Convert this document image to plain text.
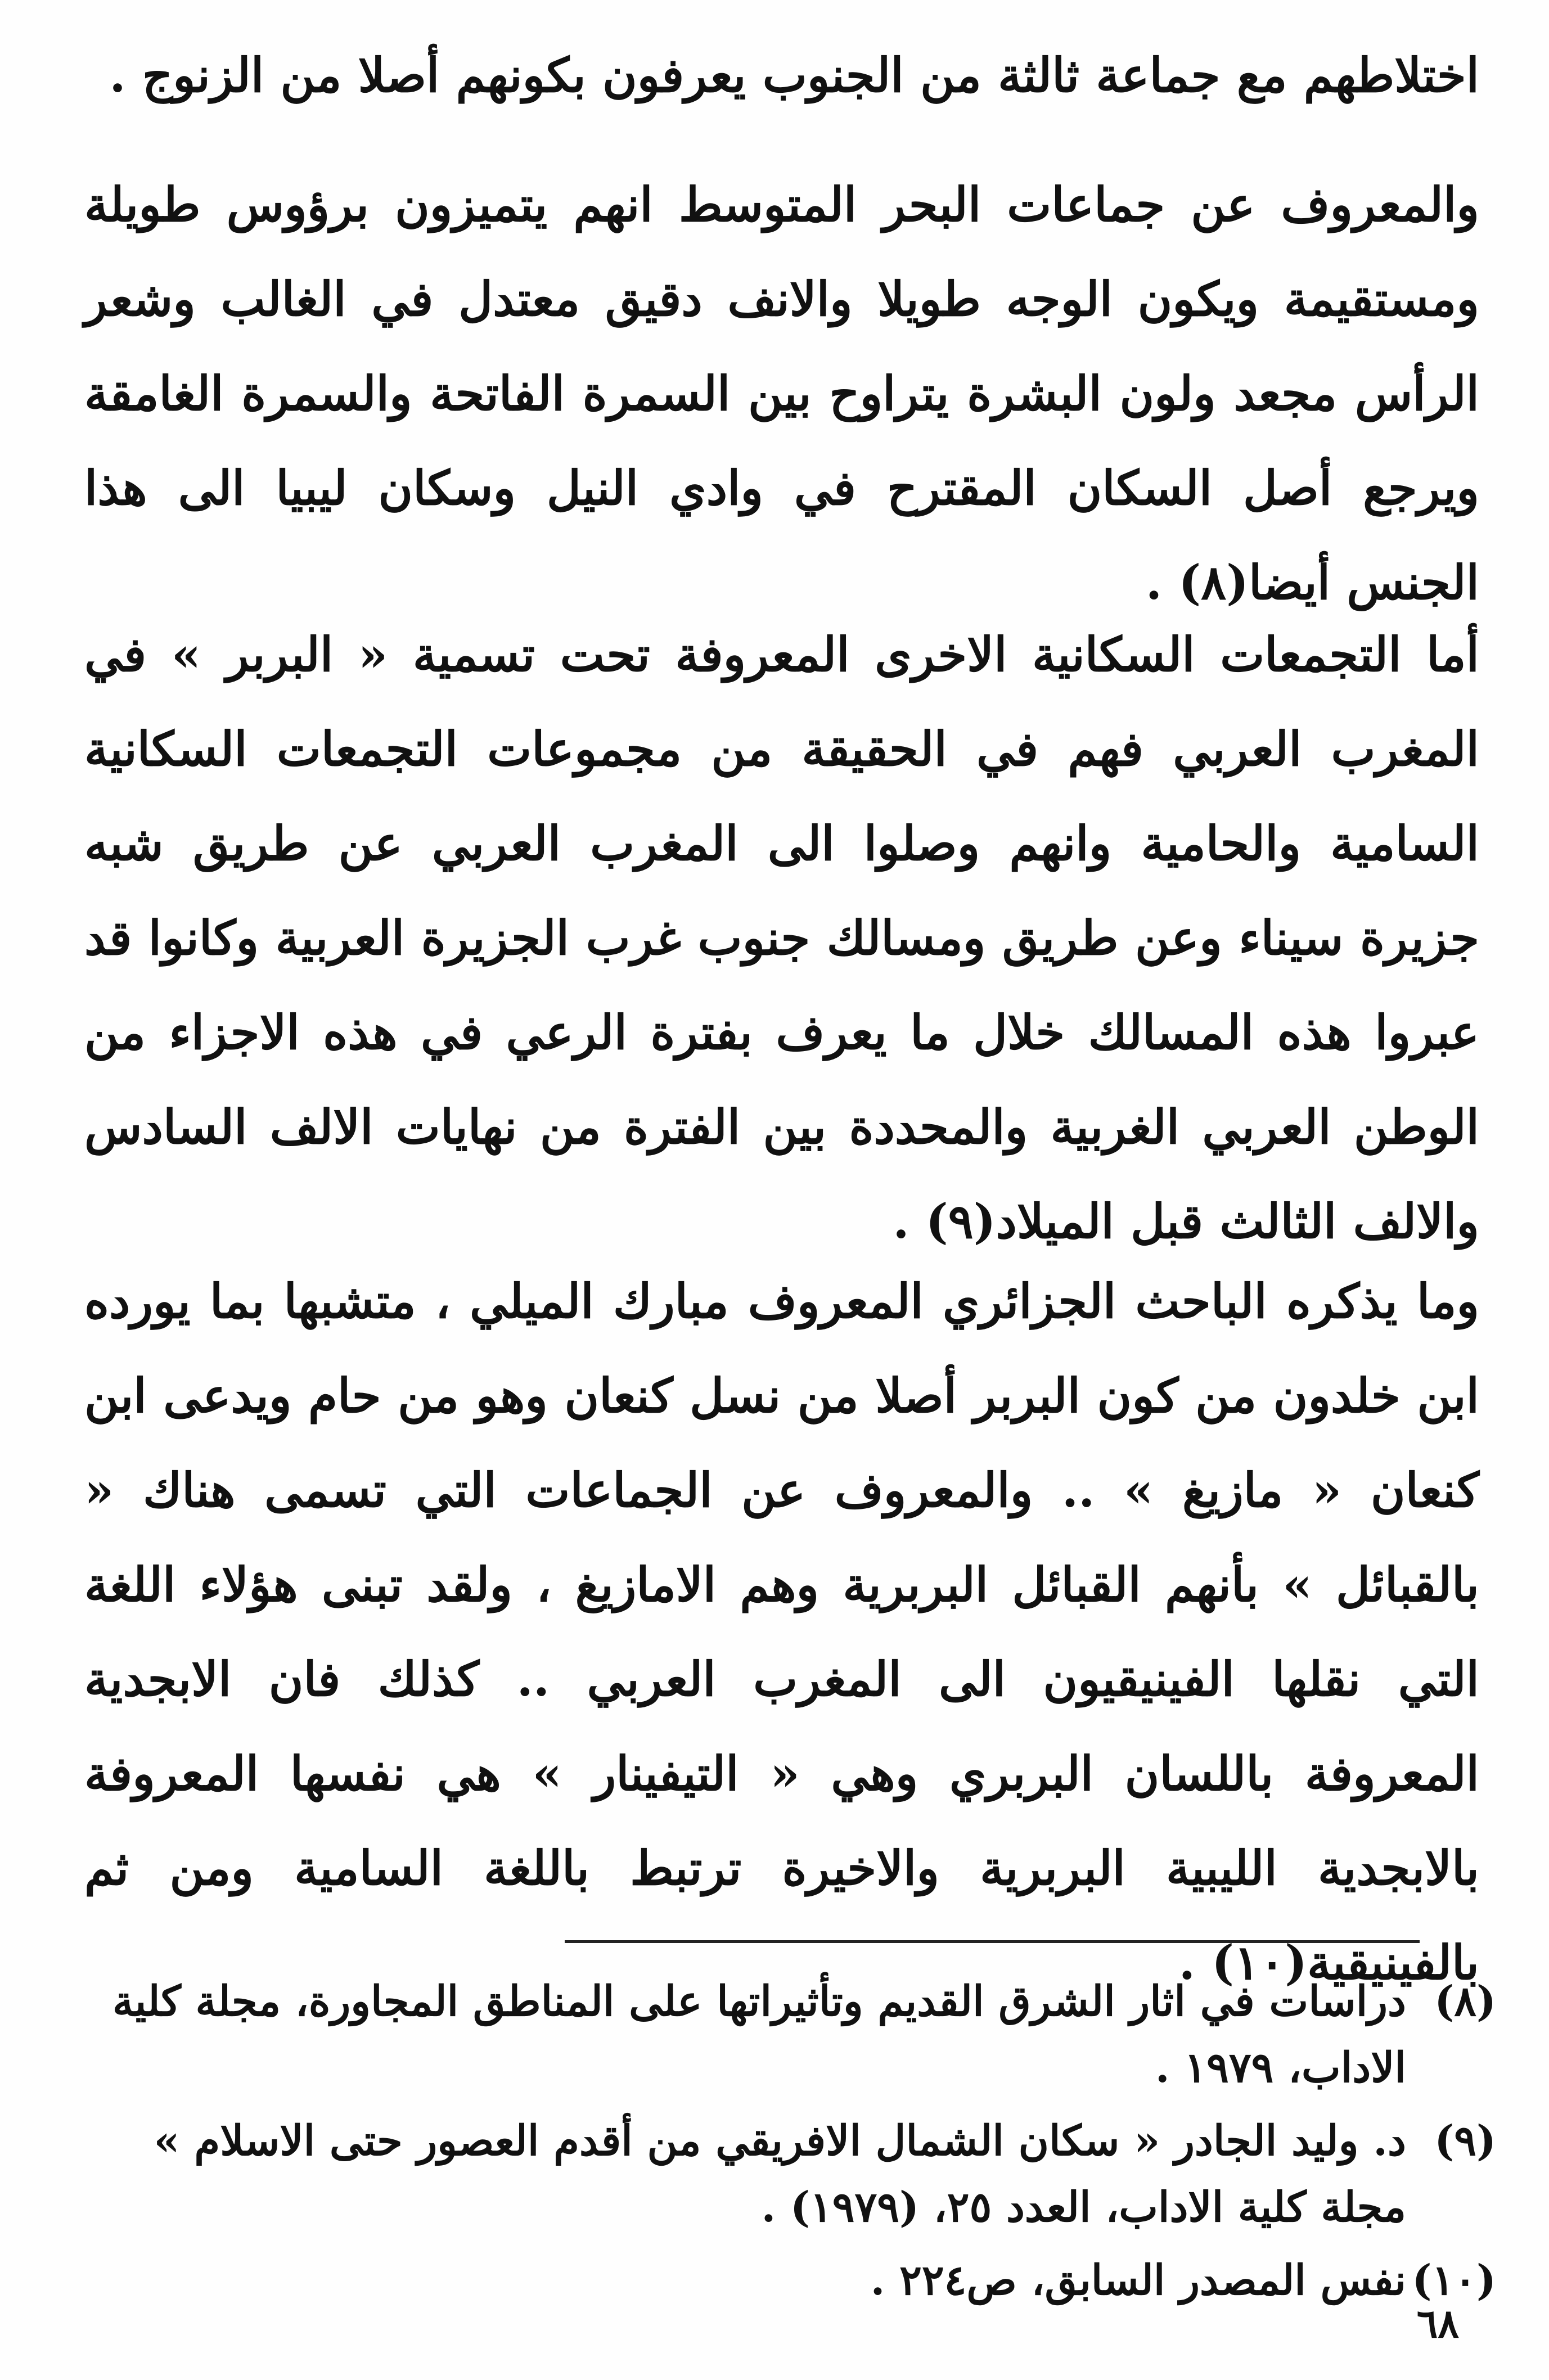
اختلاطهم مع جماعة ثالثة من الجنوب يعرفون بكونهم أصلا من الزنوج .

والمعروف عن جماعات البحر المتوسط انهم يتميزون برؤوس طويلة ومستقيمة ويكون الوجه طويلا والانف دقيق معتدل في الغالب وشعر الرأس مجعد ولون البشرة يتراوح بين السمرة الفاتحة والسمرة الغامقة ويرجع أصل السكان المقترح في وادي النيل وسكان ليبيا الى هذا الجنس أيضا(٨) .

أما التجمعات السكانية الاخرى المعروفة تحت تسمية « البربر » في المغرب العربي فهم في الحقيقة من مجموعات التجمعات السكانية السامية والحامية وانهم وصلوا الى المغرب العربي عن طريق شبه جزيرة سيناء وعن طريق ومسالك جنوب غرب الجزيرة العربية وكانوا قد عبروا هذه المسالك خلال ما يعرف بفترة الرعي في هذه الاجزاء من الوطن العربي الغربية والمحددة بين الفترة من نهايات الالف السادس والالف الثالث قبل الميلاد(٩) .

وما يذكره الباحث الجزائري المعروف مبارك الميلي ، متشبها بما يورده ابن خلدون من كون البربر أصلا من نسل كنعان وهو من حام ويدعى ابن كنعان « مازيغ » .. والمعروف عن الجماعات التي تسمى هناك « بالقبائل » بأنهم القبائل البربرية وهم الامازيغ ، ولقد تبنى هؤلاء اللغة التي نقلها الفينيقيون الى المغرب العربي .. كذلك فان الابجدية المعروفة باللسان البربري وهي « التيفينار » هي نفسها المعروفة بالابجدية الليبية البربرية والاخيرة ترتبط باللغة السامية ومن ثم بالفينيقية(١٠) .

(٨)
دراسات في اثار الشرق القديم وتأثيراتها على المناطق المجاورة، مجلة كلية الاداب، ١٩٧٩ .
(٩)
د. وليد الجادر « سكان الشمال الافريقي من أقدم العصور حتى الاسلام » مجلة كلية الاداب، العدد ٢٥، (١٩٧٩) .
(١٠)
نفس المصدر السابق، ص٢٢٤ .
٦٨
